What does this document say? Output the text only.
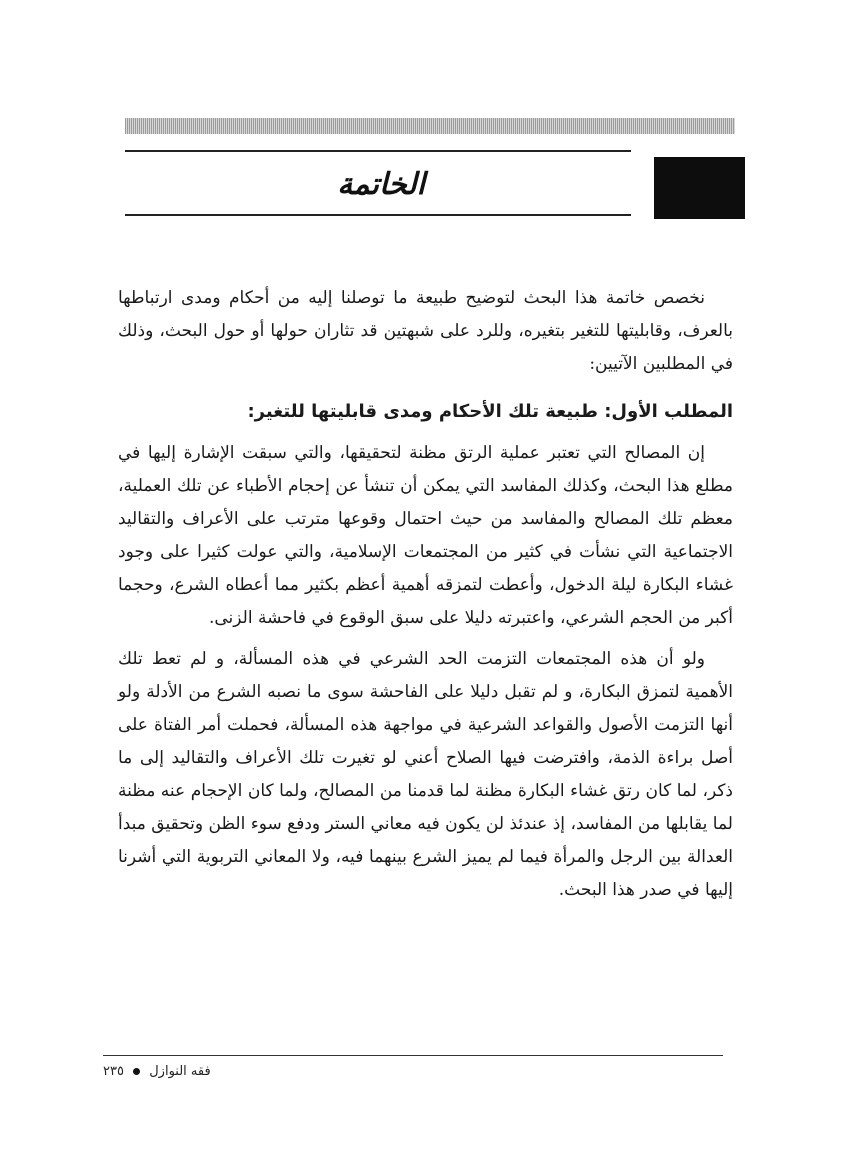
الخاتمة

نخصص خاتمة هذا البحث لتوضيح طبيعة ما توصلنا إليه من أحكام ومدى ارتباطها بالعرف، وقابليتها للتغير بتغيره، وللرد على شبهتين قد تثاران حولها أو حول البحث، وذلك في المطلبين الآتيين:

المطلب الأول: طبيعة تلك الأحكام ومدى قابليتها للتغير:

إن المصالح التي تعتبر عملية الرتق مظنة لتحقيقها، والتي سبقت الإشارة إليها في مطلع هذا البحث، وكذلك المفاسد التي يمكن أن تنشأ عن إحجام الأطباء عن تلك العملية، معظم تلك المصالح والمفاسد من حيث احتمال وقوعها مترتب على الأعراف والتقاليد الاجتماعية التي نشأت في كثير من المجتمعات الإسلامية، والتي عولت كثيرا على وجود غشاء البكارة ليلة الدخول، وأعطت لتمزقه أهمية أعظم بكثير مما أعطاه الشرع، وحجما أكبر من الحجم الشرعي، واعتبرته دليلا على سبق الوقوع في فاحشة الزنى.

ولو أن هذه المجتمعات التزمت الحد الشرعي في هذه المسألة، و لم تعط تلك الأهمية لتمزق البكارة، و لم تقبل دليلا على الفاحشة سوى ما نصبه الشرع من الأدلة ولو أنها التزمت الأصول والقواعد الشرعية في مواجهة هذه المسألة، فحملت أمر الفتاة على أصل براءة الذمة، وافترضت فيها الصلاح أعني لو تغيرت تلك الأعراف والتقاليد إلى ما ذكر، لما كان رتق غشاء البكارة مظنة لما قدمنا من المصالح، ولما كان الإحجام عنه مظنة لما يقابلها من المفاسد، إذ عندئذ لن يكون فيه معاني الستر ودفع سوء الظن وتحقيق مبدأ العدالة بين الرجل والمرأة فيما لم يميز الشرع بينهما فيه، ولا المعاني التربوية التي أشرنا إليها في صدر هذا البحث.

فقه النوازل  ٢٣٥
